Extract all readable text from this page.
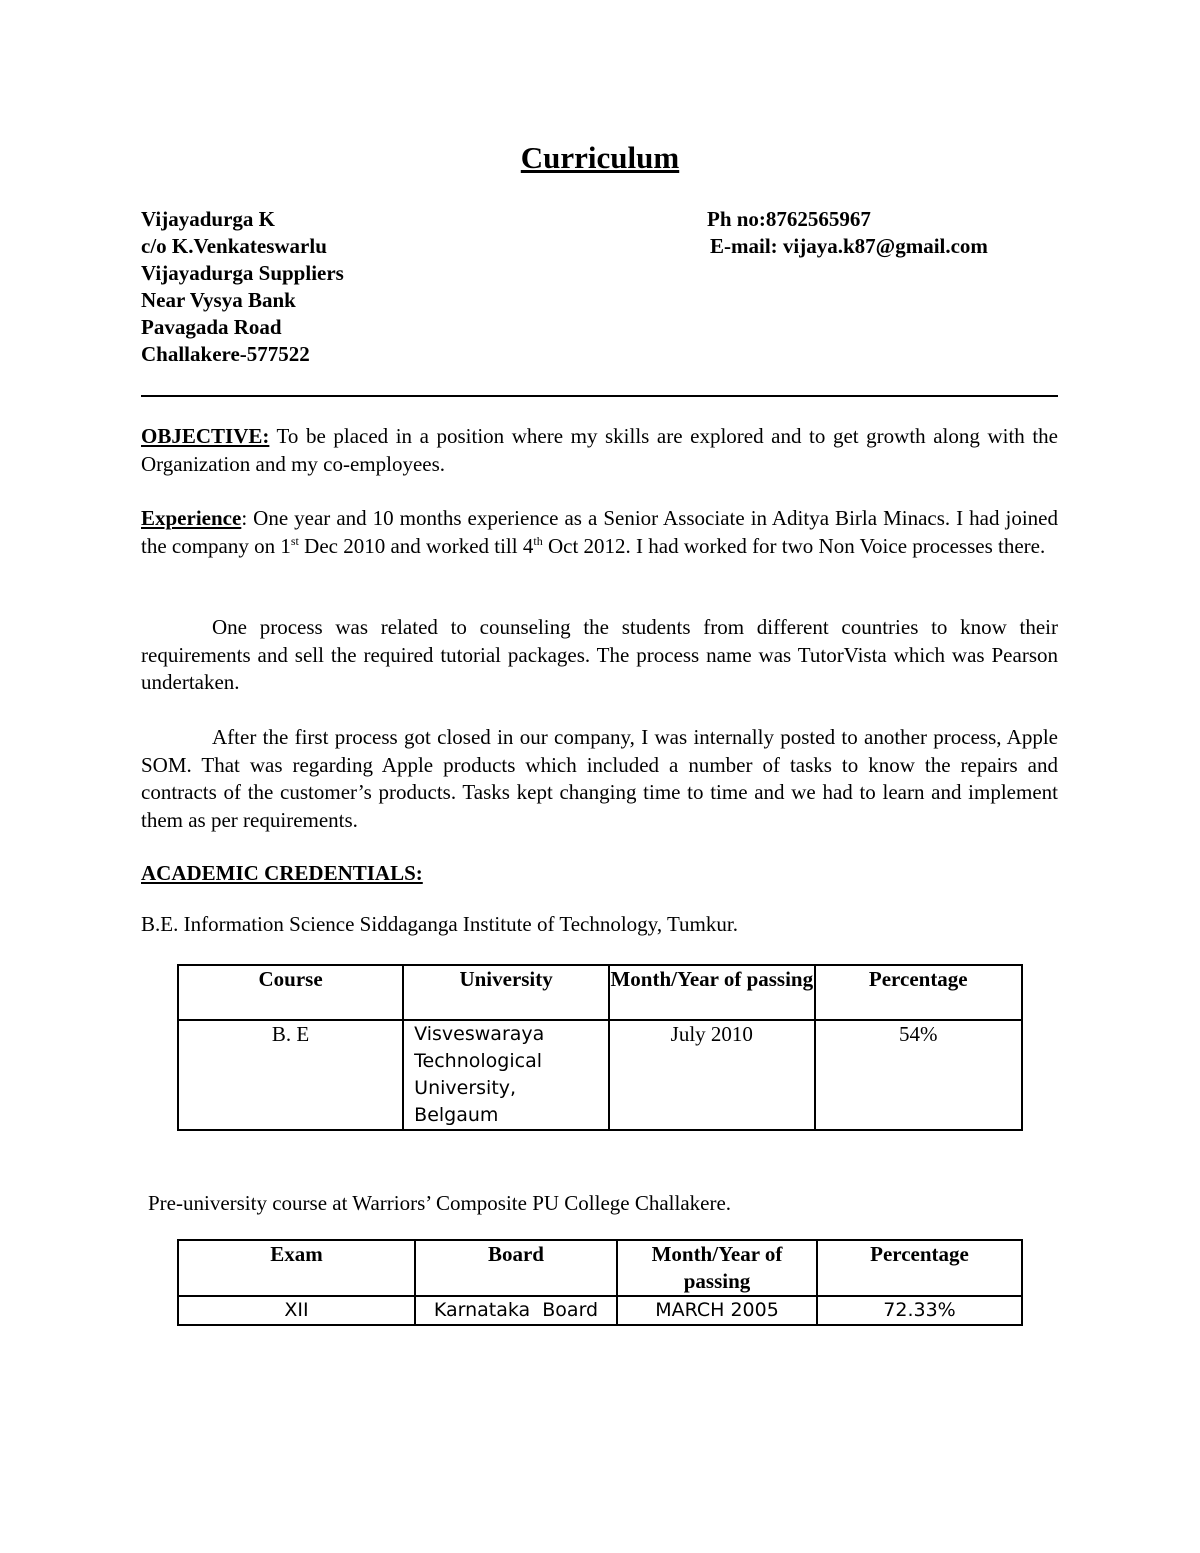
Curriculum
Vijayadurga K
c/o K.Venkateswarlu
Vijayadurga Suppliers
Near Vysya Bank
Pavagada Road
Challakere-577522
Ph no:8762565967
E-mail: vijaya.k87@gmail.com
OBJECTIVE: To be placed in a position where my skills are explored and to get growth along with the Organization and my co-employees.
Experience: One year and 10 months experience as a Senior Associate in Aditya Birla Minacs. I had joined the company on 1st Dec 2010 and worked till 4th Oct 2012. I had worked for two Non Voice processes there.
One process was related to counseling the students from different countries to know their requirements and sell the required tutorial packages. The process name was TutorVista which was Pearson undertaken.
After the first process got closed in our company, I was internally posted to another process, Apple SOM. That was regarding Apple products which included a number of tasks to know the repairs and contracts of the customer’s products. Tasks kept changing time to time and we had to learn and implement them as per requirements.
ACADEMIC CREDENTIALS:
B.E. Information Science Siddaganga Institute of Technology, Tumkur.
Course	University	Month/Year of passing	Percentage
B. E	Visveswaraya Technological University, Belgaum	July 2010	54%
Pre-university course at Warriors’ Composite PU College Challakere.
Exam	Board	Month/Year of passing	Percentage
XII	Karnataka  Board	MARCH 2005	72.33%
